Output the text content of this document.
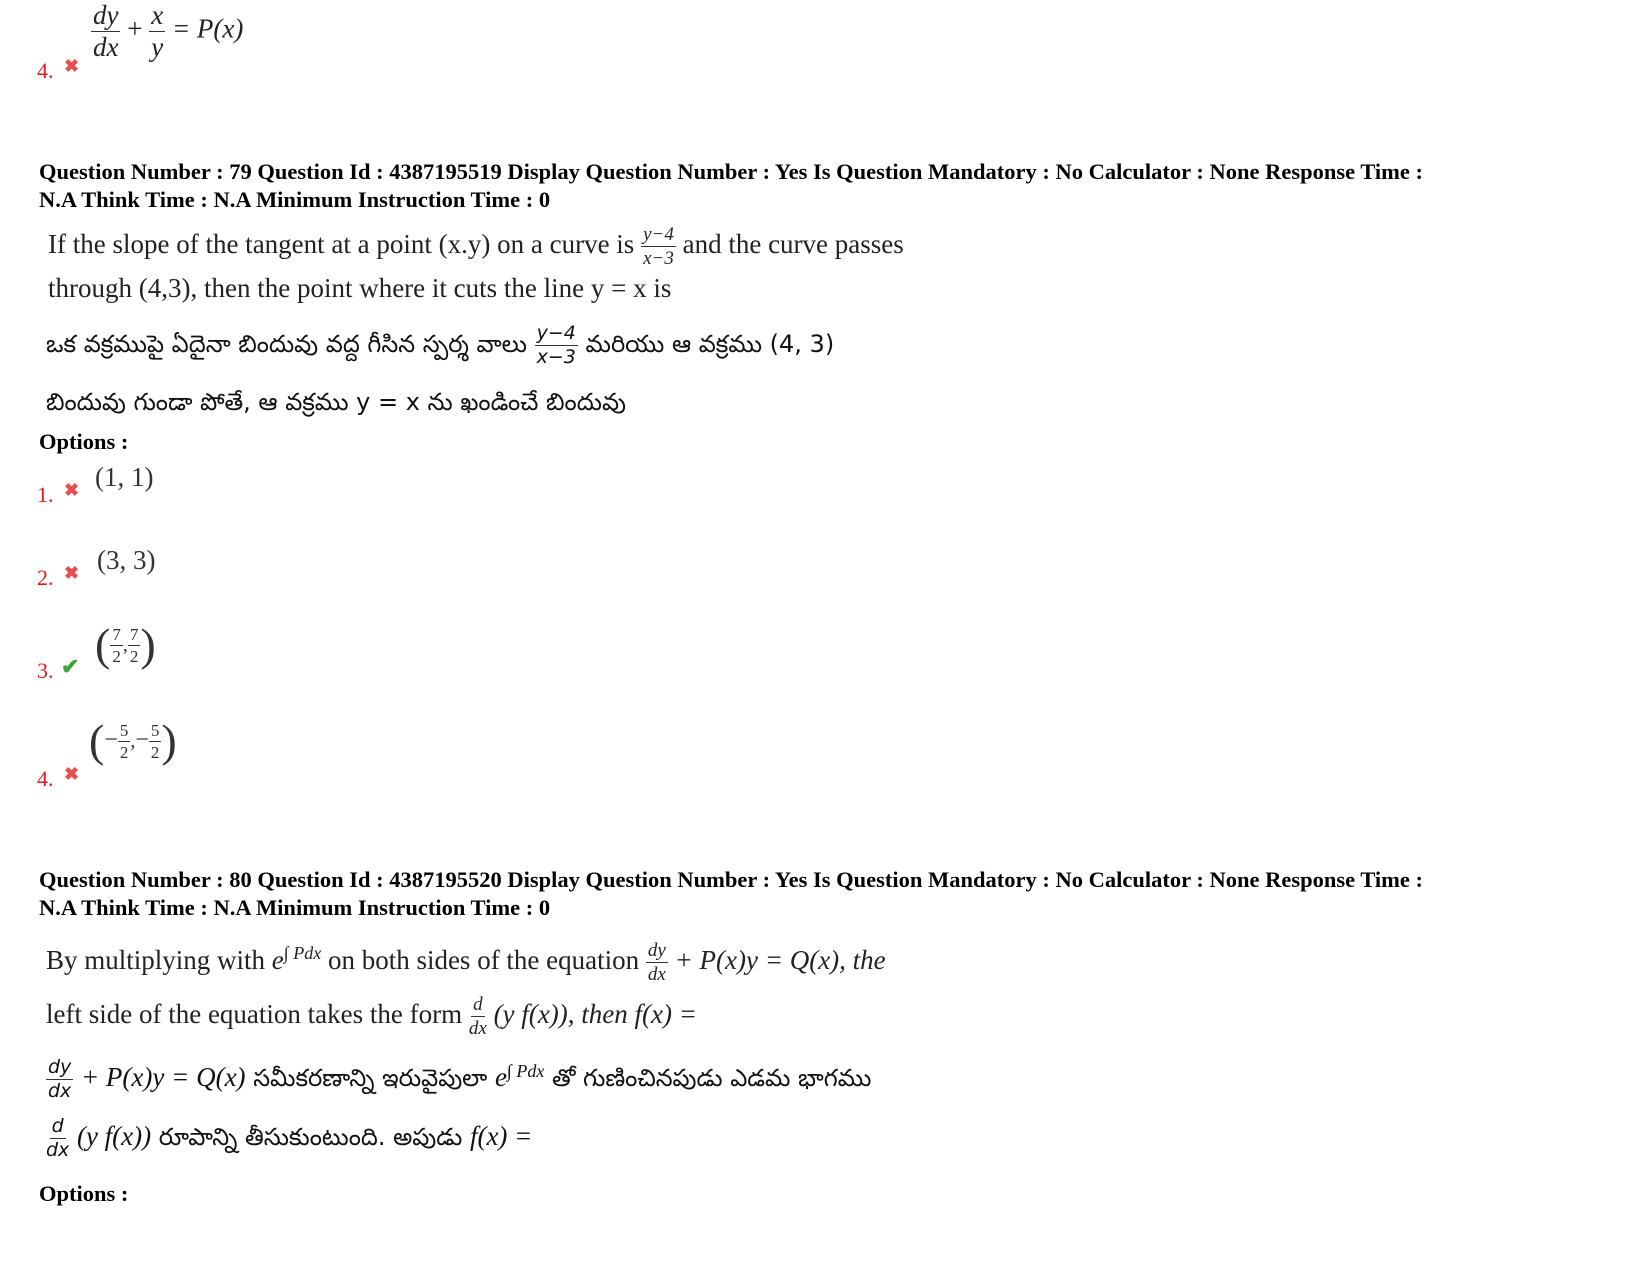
4. ✖
$\frac{dy}{dx} + \frac{x}{y} = P(x)$
Question Number : 79 Question Id : 4387195519 Display Question Number : Yes Is Question Mandatory : No Calculator : None Response Time :
N.A Think Time : N.A Minimum Instruction Time : 0
If the slope of the tangent at a point (x.y) on a curve is $\frac{y-4}{x-3}$ and the curve passes
through (4,3), then the point where it cuts the line y = x is
ఒక వక్రముపై ఏదైనా బిందువు వద్ద గీసిన స్పర్శ వాలు $\frac{y-4}{x-3}$ మరియు ఆ వక్రము (4, 3)
బిందువు గుండా పోతే, ఆ వక్రము y = x ను ఖండించే బిందువు
Options :
1. ✖ (1, 1)
2. ✖ (3, 3)
3. ✔ ( $\frac{7}{2}$ , $\frac{7}{2}$ )
4. ✖
(− $\frac{5}{2}$ ,− $\frac{5}{2}$ )
Question Number : 80 Question Id : 4387195520 Display Question Number : Yes Is Question Mandatory : No Calculator : None Response Time :
N.A Think Time : N.A Minimum Instruction Time : 0
By multiplying with $e^{\int Pdx}$ on both sides of the equation $\frac{dy}{dx} + P(x)y = Q(x)$, the
left side of the equation takes the form $\frac{d}{dx} (y$ f(x)), then f(x) =
$\frac{dy}{dx} + P(x)y = Q(x)$ సమీకరణాన్ని ఇరువైపులా $e^{\int Pdx}$ తో గుణించినపుడు ఎడమ భాగము
$\frac{d}{dx} (y$ f(x)) రూపాన్ని తీసుకుంటుంది. అపుడు f(x) =
Options :
